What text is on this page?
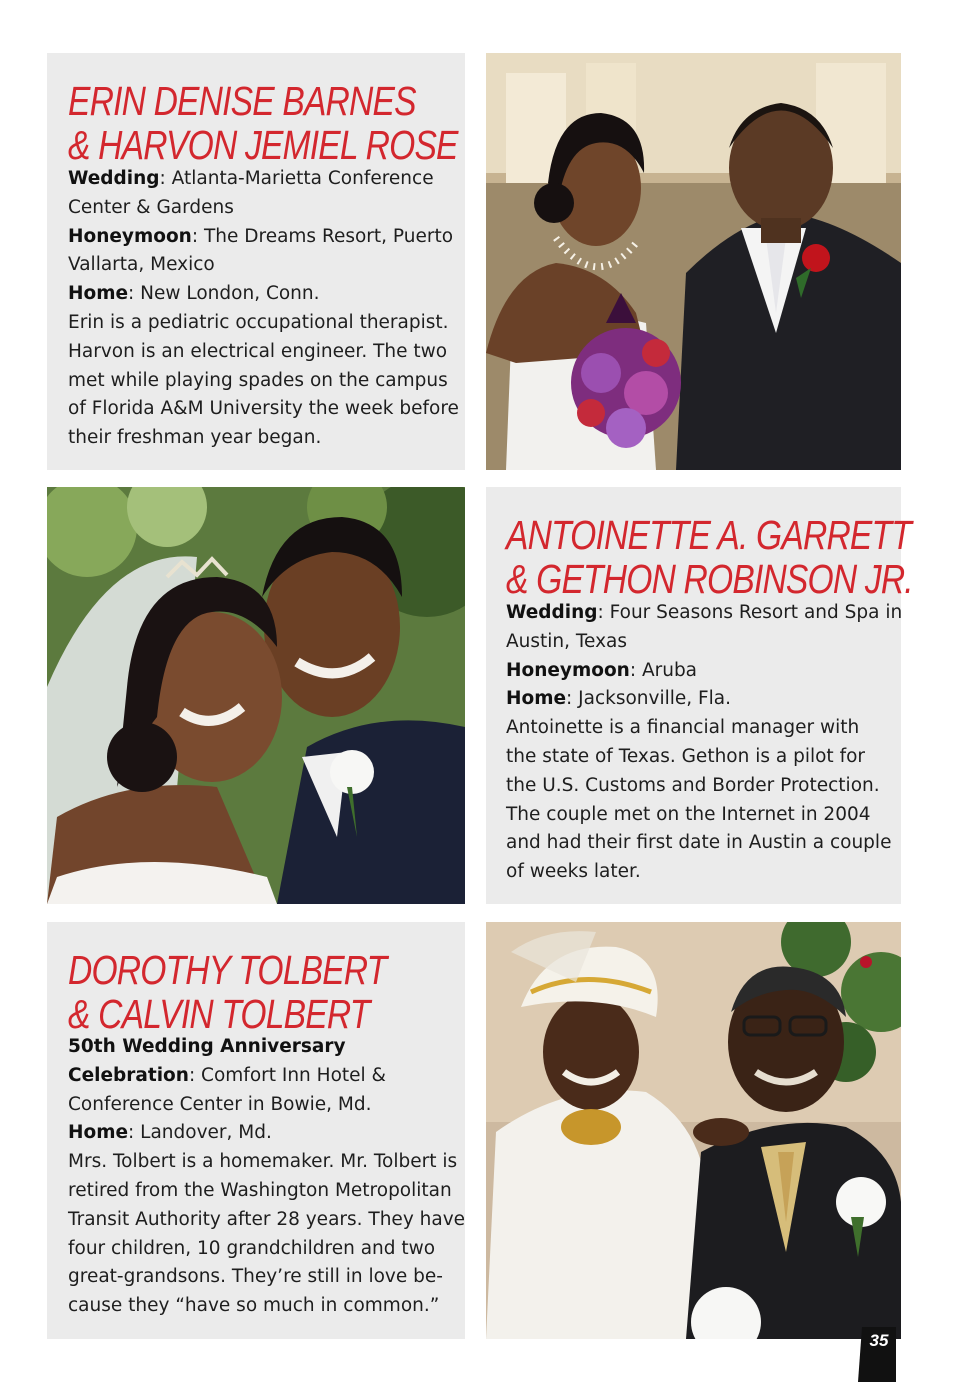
ERIN DENISE BARNES
& HARVON JEMIEL ROSE
Wedding: Atlanta-Marietta Conference
Center & Gardens
Honeymoon: The Dreams Resort, Puerto
Vallarta, Mexico
Home: New London, Conn.
Erin is a pediatric occupational therapist.
Harvon is an electrical engineer. The two
met while playing spades on the campus
of Florida A&M University the week before
their freshman year began.
ANTOINETTE A. GARRETT
& GETHON ROBINSON JR.
Wedding: Four Seasons Resort and Spa in
Austin, Texas
Honeymoon: Aruba
Home: Jacksonville, Fla.
Antoinette is a financial manager with
the state of Texas. Gethon is a pilot for
the U.S. Customs and Border Protection.
The couple met on the Internet in 2004
and had their first date in Austin a couple
of weeks later.
DOROTHY TOLBERT
& CALVIN TOLBERT
50th Wedding Anniversary
Celebration: Comfort Inn Hotel &
Conference Center in Bowie, Md.
Home: Landover, Md.
Mrs. Tolbert is a homemaker. Mr. Tolbert is
retired from the Washington Metropolitan
Transit Authority after 28 years. They have
four children, 10 grandchildren and two
great-grandsons. They’re still in love be-
cause they “have so much in common.”
35
